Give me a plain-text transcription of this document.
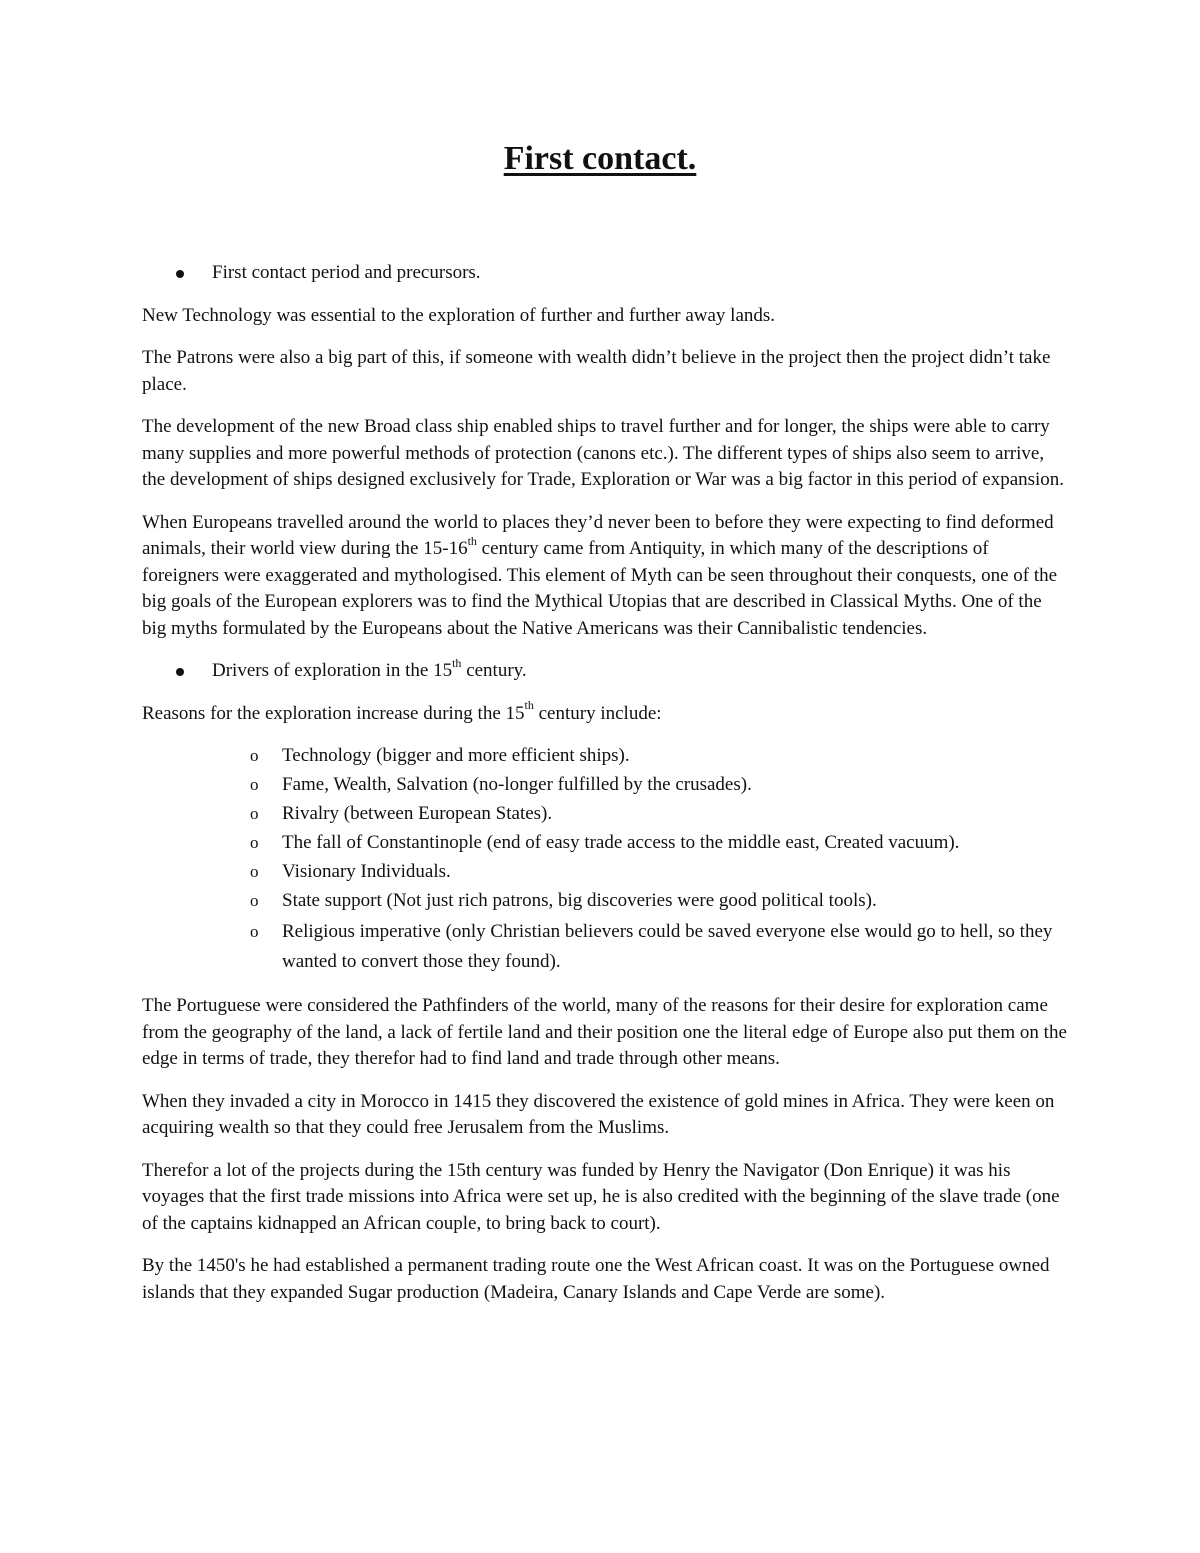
First contact.
First contact period and precursors.

New Technology was essential to the exploration of further and further away lands.

The Patrons were also a big part of this, if someone with wealth didn’t believe in the project then the project didn’t take place.

The development of the new Broad class ship enabled ships to travel further and for longer, the ships were able to carry many supplies and more powerful methods of protection (canons etc.). The different types of ships also seem to arrive, the development of ships designed exclusively for Trade, Exploration or War was a big factor in this period of expansion.

When Europeans travelled around the world to places they’d never been to before they were expecting to find deformed animals, their world view during the 15-16th century came from Antiquity, in which many of the descriptions of foreigners were exaggerated and mythologised. This element of Myth can be seen throughout their conquests, one of the big goals of the European explorers was to find the Mythical Utopias that are described in Classical Myths. One of the big myths formulated by the Europeans about the Native Americans was their Cannibalistic tendencies.

Drivers of exploration in the 15th century.

Reasons for the exploration increase during the 15th century include:

o Technology (bigger and more efficient ships).
o Fame, Wealth, Salvation (no-longer fulfilled by the crusades).
o Rivalry (between European States).
o The fall of Constantinople (end of easy trade access to the middle east, Created vacuum).
o Visionary Individuals.
o State support (Not just rich patrons, big discoveries were good political tools).
o Religious imperative (only Christian believers could be saved everyone else would go to hell, so they wanted to convert those they found).

The Portuguese were considered the Pathfinders of the world, many of the reasons for their desire for exploration came from the geography of the land, a lack of fertile land and their position one the literal edge of Europe also put them on the edge in terms of trade, they therefor had to find land and trade through other means.

When they invaded a city in Morocco in 1415 they discovered the existence of gold mines in Africa. They were keen on acquiring wealth so that they could free Jerusalem from the Muslims.

Therefor a lot of the projects during the 15th century was funded by Henry the Navigator (Don Enrique) it was his voyages that the first trade missions into Africa were set up, he is also credited with the beginning of the slave trade (one of the captains kidnapped an African couple, to bring back to court).

By the 1450's he had established a permanent trading route one the West African coast. It was on the Portuguese owned islands that they expanded Sugar production (Madeira, Canary Islands and Cape Verde are some).
